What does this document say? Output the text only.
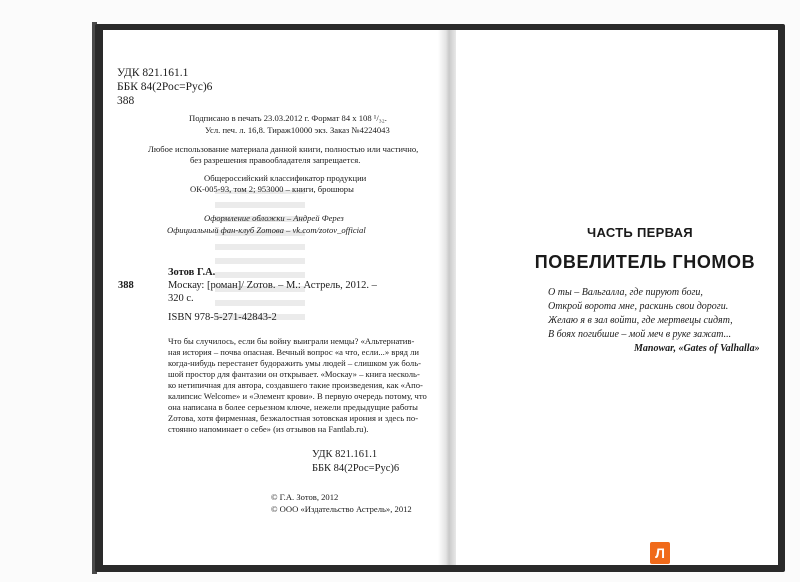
УДК 821.161.1
ББК 84(2Рос=Рус)6
388
Подписано в печать 23.03.2012 г. Формат 84 х 108 ¹/₃₂.
Усл. печ. л. 16,8. Тираж10000 экз. Заказ №4224043
Любое использование материала данной книги, полностью или частично,
без разрешения правообладателя запрещается.
Общероссийский классификатор продукции
ОК-005-93, том 2; 953000 – книги, брошюры
Оформление обложки – Андрей Ферез
Официальный фан-клуб Zотова – vk.com/zotov_official
388
Зотов Г.А.
Москау: [роман]/ Zотов. – М.: Астрель, 2012. –
320 с.
ISBN 978-5-271-42843-2
Что бы случилось, если бы войну выиграли немцы? «Альтернатив-
ная история – почва опасная. Вечный вопрос «а что, если...» вряд ли
когда-нибудь перестанет будоражить умы людей – слишком уж боль-
шой простор для фантазии он открывает. «Москау» – книга несколь-
ко нетипичная для автора, создавшего такие произведения, как «Апо-
калипсис Welcome» и «Элемент крови». В первую очередь потому, что
она написана в более серьезном ключе, нежели предыдущие работы
Zотова, хотя фирменная, безжалостная зотовская ирония и здесь по-
стоянно напоминает о себе» (из отзывов на Fantlab.ru).
УДК 821.161.1
ББК 84(2Рос=Рус)6
© Г.А. Зотов, 2012
© ООО «Издательство Астрель», 2012
ЧАСТЬ ПЕРВАЯ
ПОВЕЛИТЕЛЬ ГНОМОВ
О ты – Вальгалла, где пируют боги,
Открой ворота мне, раскинь свои дороги.
Желаю я в зал войти, где мертвецы сидят,
В боях погибшие – мой меч в руке зажат...
Manowar, «Gates of Valhalla»
Л
